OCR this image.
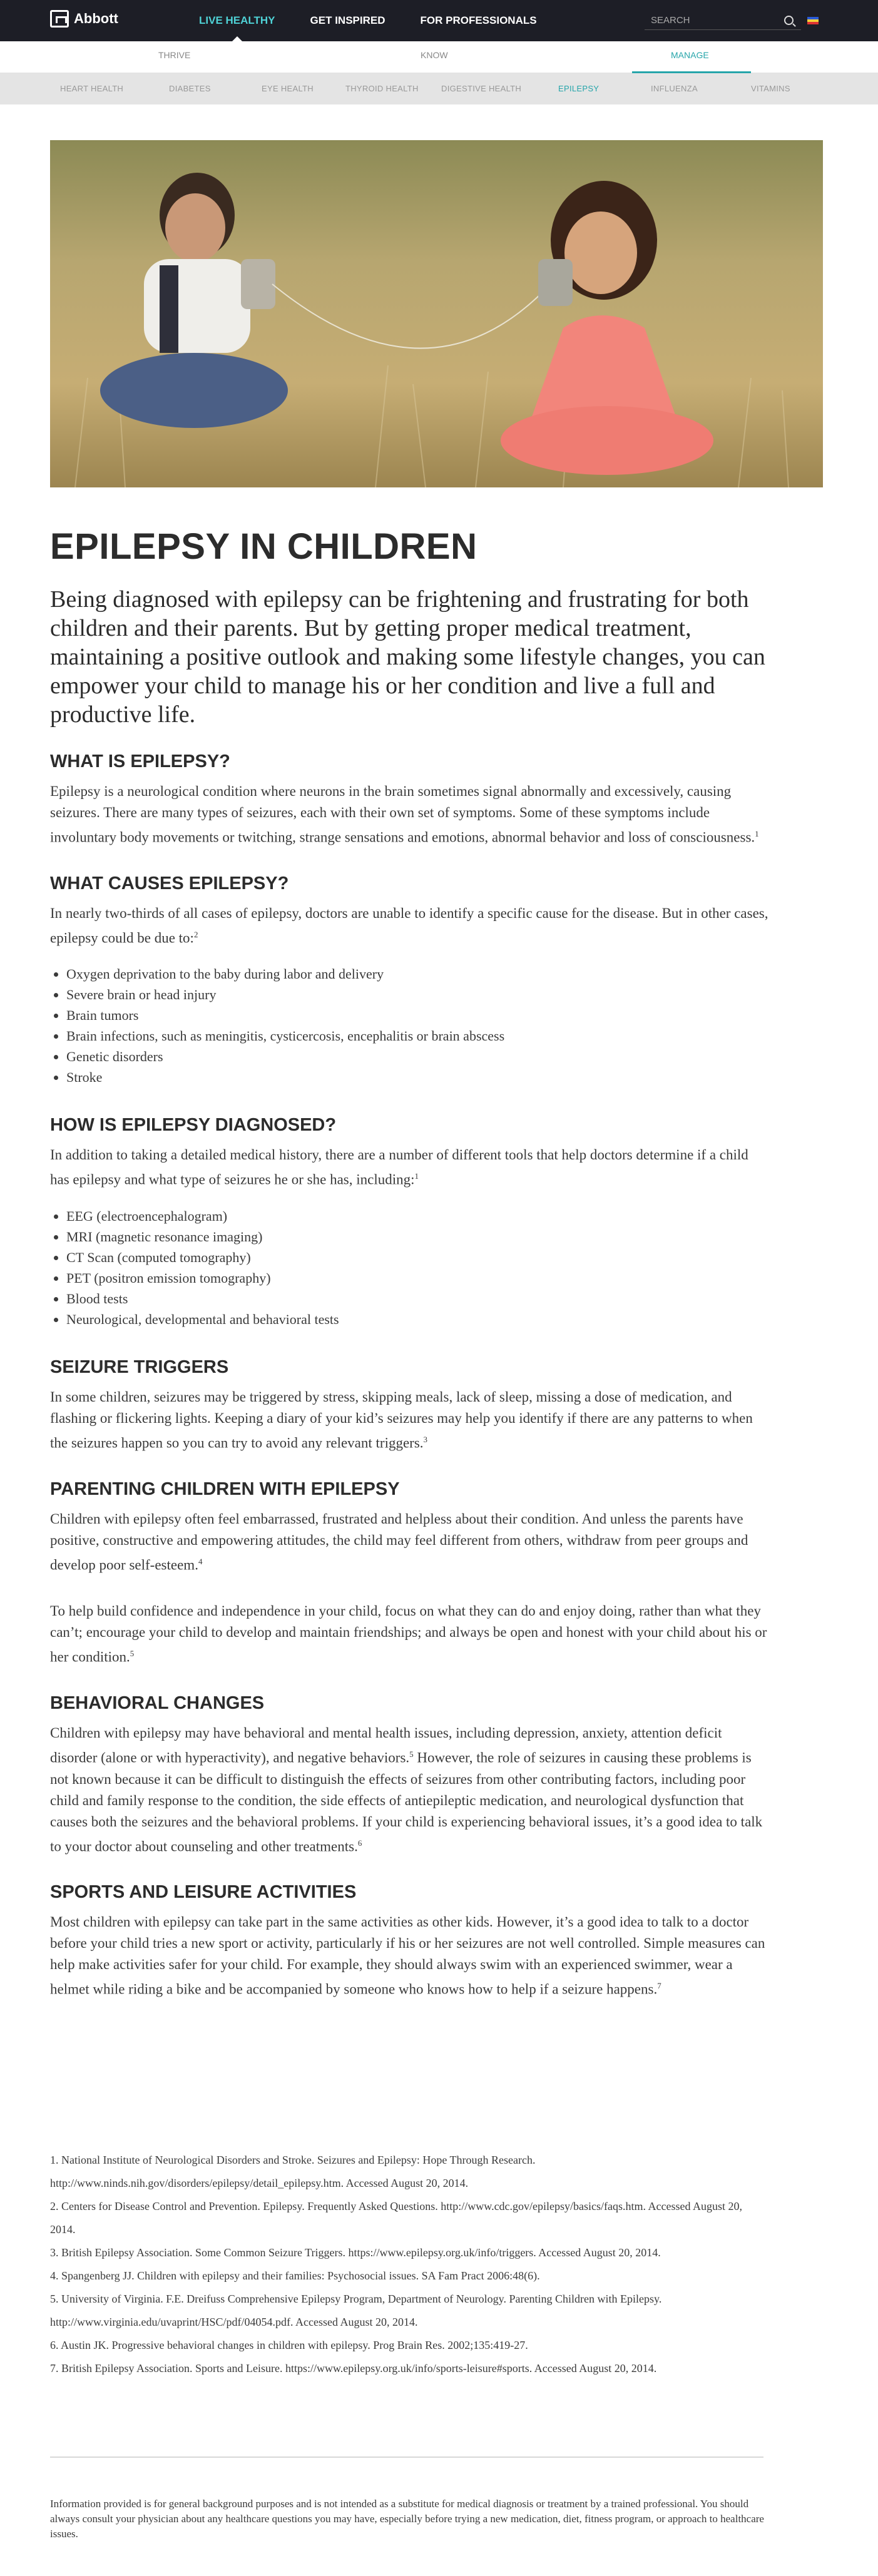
Abbott	LIVE HEALTHY	GET INSPIRED	FOR PROFESSIONALS	SEARCH
THRIVE	KNOW	MANAGE
HEART HEALTH	DIABETES	EYE HEALTH	THYROID HEALTH	DIGESTIVE HEALTH	EPILEPSY	INFLUENZA	VITAMINS
EPILEPSY IN CHILDREN

Being diagnosed with epilepsy can be frightening and frustrating for both children and their parents. But by getting proper medical treatment, maintaining a positive outlook and making some lifestyle changes, you can empower your child to manage his or her condition and live a full and productive life.

WHAT IS EPILEPSY?

Epilepsy is a neurological condition where neurons in the brain sometimes signal abnormally and excessively, causing seizures. There are many types of seizures, each with their own set of symptoms. Some of these symptoms include involuntary body movements or twitching, strange sensations and emotions, abnormal behavior and loss of consciousness.$^1$

WHAT CAUSES EPILEPSY?

In nearly two-thirds of all cases of epilepsy, doctors are unable to identify a specific cause for the disease. But in other cases, epilepsy could be due to:$^2$

• Oxygen deprivation to the baby during labor and delivery
• Severe brain or head injury
• Brain tumors
• Brain infections, such as meningitis, cysticercosis, encephalitis or brain abscess
• Genetic disorders
• Stroke
HOW IS EPILEPSY DIAGNOSED?

In addition to taking a detailed medical history, there are a number of different tools that help doctors determine if a child has epilepsy and what type of seizures he or she has, including:$^1$

• EEG (electroencephalogram)
• MRI (magnetic resonance imaging)
• CT Scan (computed tomography)
• PET (positron emission tomography)
• Blood tests
• Neurological, developmental and behavioral tests
SEIZURE TRIGGERS

In some children, seizures may be triggered by stress, skipping meals, lack of sleep, missing a dose of medication, and flashing or flickering lights. Keeping a diary of your kid’s seizures may help you identify if there are any patterns to when the seizures happen so you can try to avoid any relevant triggers.$^3$

PARENTING CHILDREN WITH EPILEPSY

Children with epilepsy often feel embarrassed, frustrated and helpless about their condition. And unless the parents have positive, constructive and empowering attitudes, the child may feel different from others, withdraw from peer groups and develop poor self-esteem.$^4$

To help build confidence and independence in your child, focus on what they can do and enjoy doing, rather than what they can’t; encourage your child to develop and maintain friendships; and always be open and honest with your child about his or her condition.$^5$

BEHAVIORAL CHANGES

Children with epilepsy may have behavioral and mental health issues, including depression, anxiety, attention deficit disorder (alone or with hyperactivity), and negative behaviors.$^5$ However, the role of seizures in causing these problems is not known because it can be difficult to distinguish the effects of seizures from other contributing factors, including poor child and family response to the condition, the side effects of antiepileptic medication, and neurological dysfunction that causes both the seizures and the behavioral problems. If your child is experiencing behavioral issues, it’s a good idea to talk to your doctor about counseling and other treatments.$^6$

SPORTS AND LEISURE ACTIVITIES

Most children with epilepsy can take part in the same activities as other kids. However, it’s a good idea to talk to a doctor before your child tries a new sport or activity, particularly if his or her seizures are not well controlled. Simple measures can help make activities safer for your child. For example, they should always swim with an experienced swimmer, wear a helmet while riding a bike and be accompanied by someone who knows how to help if a seizure happens.$^7$

1. National Institute of Neurological Disorders and Stroke. Seizures and Epilepsy: Hope Through Research. http://www.ninds.nih.gov/disorders/epilepsy/detail_epilepsy.htm. Accessed August 20, 2014.
2. Centers for Disease Control and Prevention. Epilepsy. Frequently Asked Questions. http://www.cdc.gov/epilepsy/basics/faqs.htm. Accessed August 20, 2014.
3. British Epilepsy Association. Some Common Seizure Triggers. https://www.epilepsy.org.uk/info/triggers. Accessed August 20, 2014.
4. Spangenberg JJ. Children with epilepsy and their families: Psychosocial issues. SA Fam Pract 2006:48(6).
5. University of Virginia. F.E. Dreifuss Comprehensive Epilepsy Program, Department of Neurology. Parenting Children with Epilepsy. http://www.virginia.edu/uvaprint/HSC/pdf/04054.pdf. Accessed August 20, 2014.
6. Austin JK. Progressive behavioral changes in children with epilepsy. Prog Brain Res. 2002;135:419-27.
7. British Epilepsy Association. Sports and Leisure. https://www.epilepsy.org.uk/info/sports-leisure#sports. Accessed August 20, 2014.
Information provided is for general background purposes and is not intended as a substitute for medical diagnosis or treatment by a trained professional. You should always consult your physician about any healthcare questions you may have, especially before trying a new medication, diet, fitness program, or approach to healthcare issues.
